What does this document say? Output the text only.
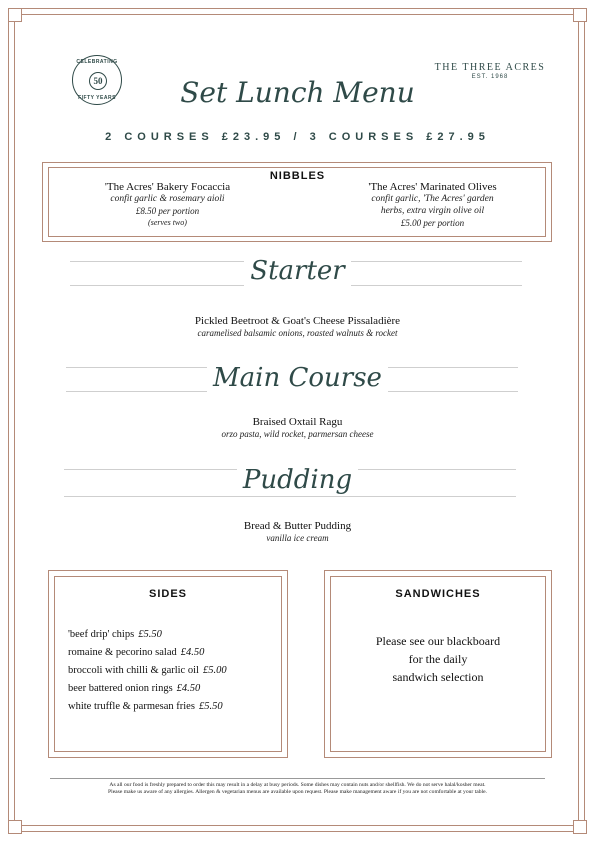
CELEBRATING
50
FIFTY YEARS
THE THREE ACRES
EST. 1968
Set Lunch Menu
2 COURSES £23.95 / 3 COURSES £27.95
NIBBLES
'The Acres' Bakery Focaccia
confit garlic & rosemary aioli
£8.50 per portion
(serves two)
'The Acres' Marinated Olives
confit garlic, 'The Acres' garden
herbs, extra virgin olive oil
£5.00 per portion
Starter
Pickled Beetroot & Goat's Cheese Pissaladière
caramelised balsamic onions, roasted walnuts & rocket
Main Course
Braised Oxtail Ragu
orzo pasta, wild rocket, parmersan cheese
Pudding
Bread & Butter Pudding
vanilla ice cream
SIDES
'beef drip' chips £5.50
romaine & pecorino salad £4.50
broccoli with chilli & garlic oil £5.00
beer battered onion rings £4.50
white truffle & parmesan fries £5.50
SANDWICHES
Please see our blackboard
for the daily
sandwich selection
As all our food is freshly prepared to order this may result in a delay at busy periods. Some dishes may contain nuts and/or shellfish. We do not serve halal/kosher meat.
Please make us aware of any allergies. Allergen & vegetarian menus are available upon request. Please make management aware if you are not comfortable at your table.
